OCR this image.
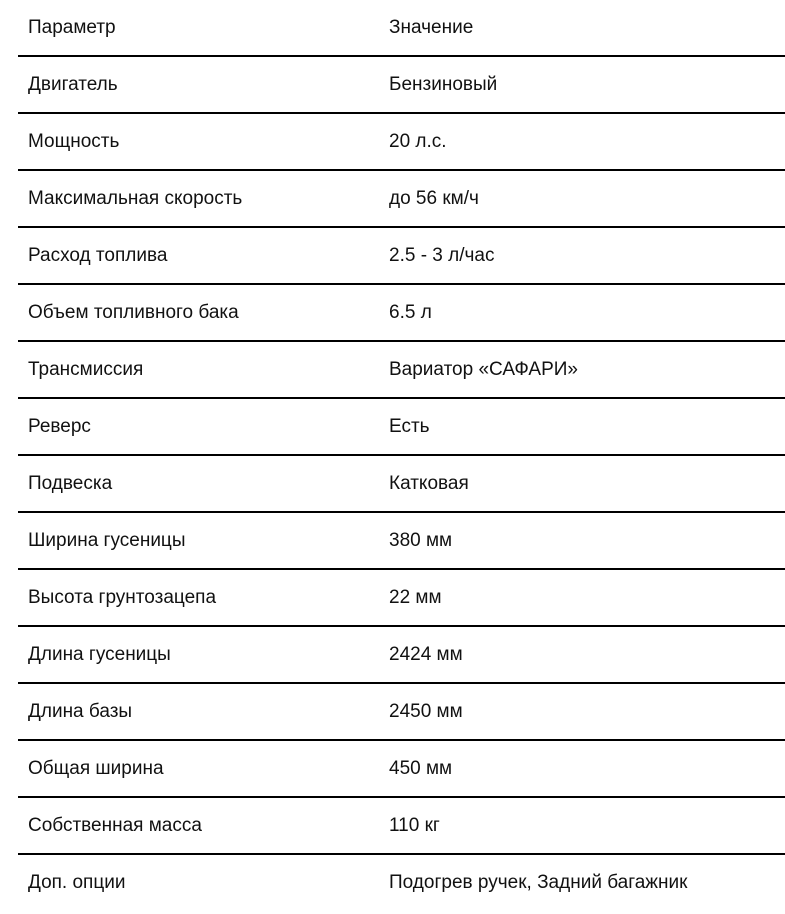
Параметр	Значение
Двигатель	Бензиновый
Мощность	20 л.с.
Максимальная скорость	до 56 км/ч
Расход топлива	2.5 - 3 л/час
Объем топливного бака	6.5 л
Трансмиссия	Вариатор «САФАРИ»
Реверс	Есть
Подвеска	Катковая
Ширина гусеницы	380 мм
Высота грунтозацепа	22 мм
Длина гусеницы	2424 мм
Длина базы	2450 мм
Общая ширина	450 мм
Собственная масса	110 кг
Доп. опции	Подогрев ручек, Задний багажник
